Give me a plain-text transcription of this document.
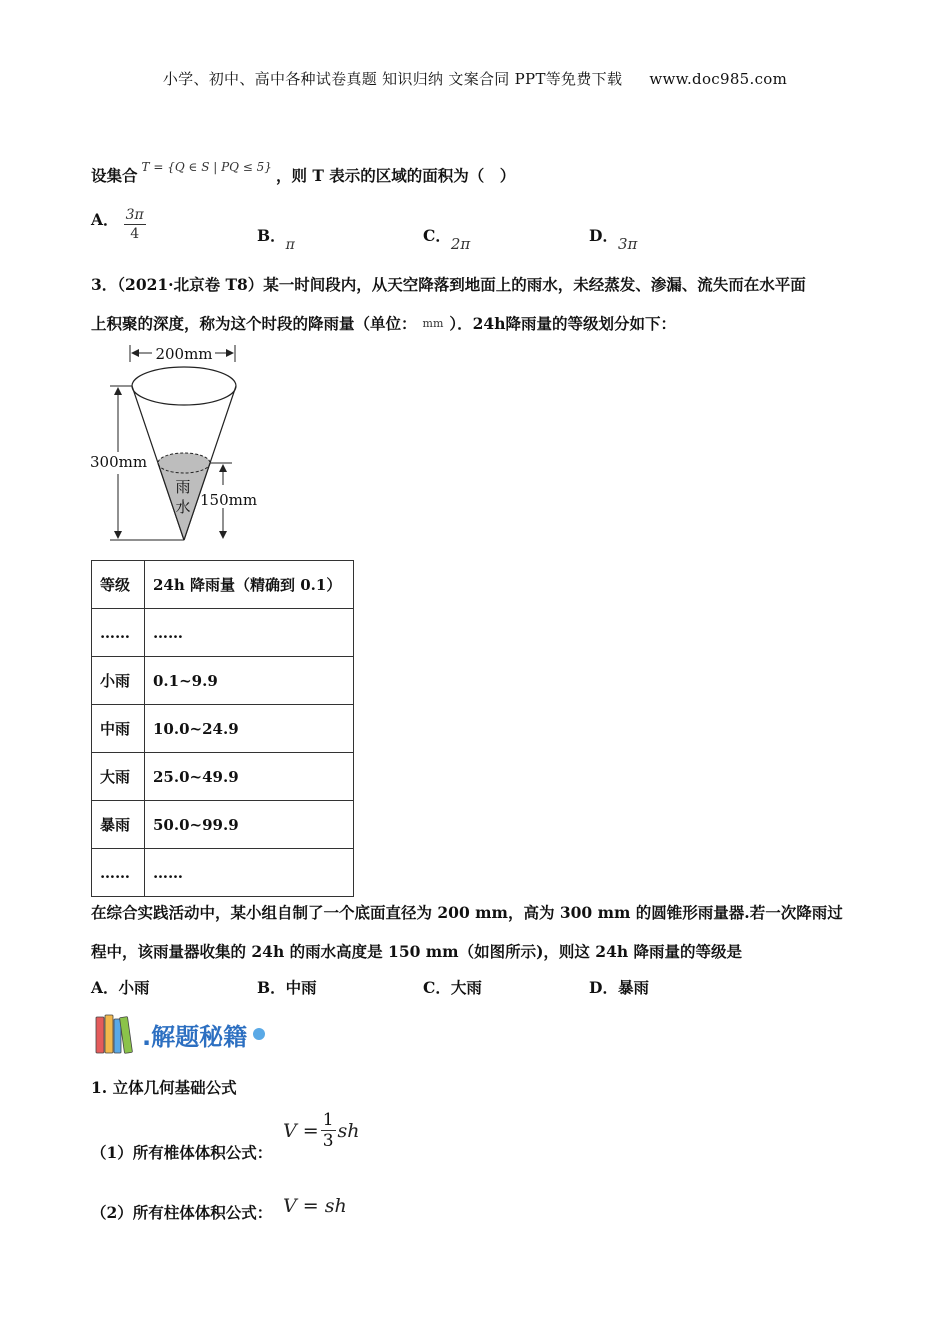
小学、初中、高中各种试卷真题 知识归纳 文案合同 PPT等免费下载 www.doc985.com
设集合 $^{T = \{Q \in S | PQ \le 5\}}$ ，则 T 表示的区域的面积为（　）
A． $\frac{3\pi}{4}$	B．π	C．2π	D．3π
3．（2021·北京卷 T8）某一时间段内，从天空降落到地面上的雨水，未经蒸发、渗漏、流失而在水平面
上积聚的深度，称为这个时段的降雨量（单位： mm ）．24h降雨量的等级划分如下：
200mm
雨
水
300mm
150mm
等级	24h 降雨量（精确到 0.1）
……	……
小雨	0.1~9.9
中雨	10.0~24.9
大雨	25.0~49.9
暴雨	50.0~99.9
……	……
在综合实践活动中，某小组自制了一个底面直径为 200 mm，高为 300 mm 的圆锥形雨量器.若一次降雨过
程中，该雨量器收集的 24h 的雨水高度是 150 mm（如图所示)，则这 24h 降雨量的等级是
A．小雨	B．中雨	C．大雨	D．暴雨
.解题秘籍
1. 立体几何基础公式
（1）所有椎体体积公式：
$V = \frac{1}{3}$ sh
（2）所有柱体体积公式： V = sh
